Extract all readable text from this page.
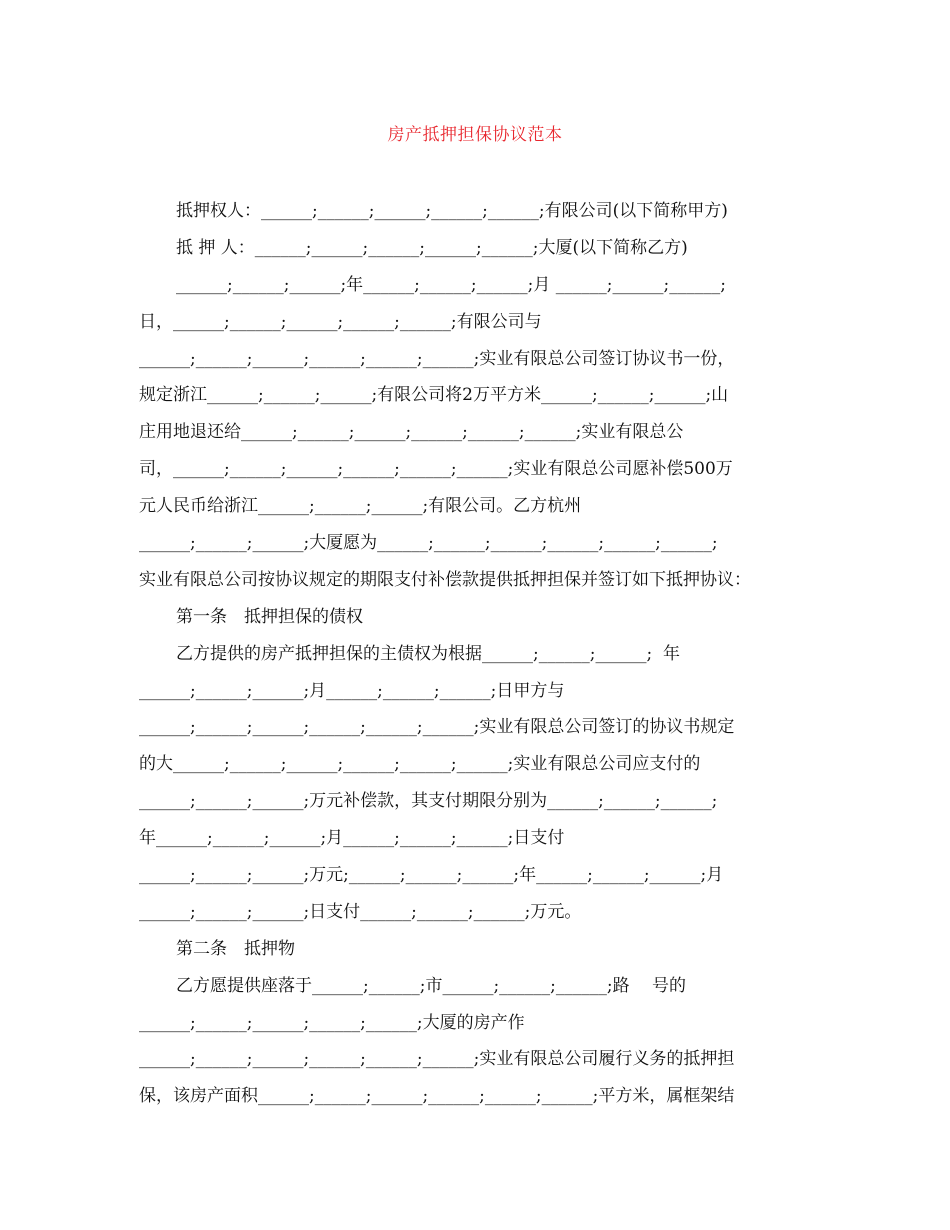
房产抵押担保协议范本
抵押权人：______;______;______;______;______;有限公司(以下简称甲方)
抵 押 人：______;______;______;______;______;大厦(以下简称乙方)
______;______;______;年______;______;______;月 ______;______;______;
日，______;______;______;______;______;有限公司与
______;______;______;______;______;______;实业有限总公司签订协议书一份，
规定浙江______;______;______;有限公司将2万平方米______;______;______;山
庄用地退还给______;______;______;______;______;______;实业有限总公
司，______;______;______;______;______;______;实业有限总公司愿补偿500万
元人民币给浙江______;______;______;有限公司。乙方杭州
______;______;______;大厦愿为______;______;______;______;______;______;
实业有限总公司按协议规定的期限支付补偿款提供抵押担保并签订如下抵押协议：
第一条　抵押担保的债权
乙方提供的房产抵押担保的主债权为根据______;______;______;  年
______;______;______;月______;______;______;日甲方与
______;______;______;______;______;______;实业有限总公司签订的协议书规定
的大______;______;______;______;______;______;实业有限总公司应支付的
______;______;______;万元补偿款，其支付期限分别为______;______;______;
年______;______;______;月______;______;______;日支付
______;______;______;万元;______;______;______;年______;______;______;月
______;______;______;日支付______;______;______;万元。
第二条　抵押物
乙方愿提供座落于______;______;市______;______;______;路　 号的
______;______;______;______;______;大厦的房产作
______;______;______;______;______;______;实业有限总公司履行义务的抵押担
保，该房产面积______;______;______;______;______;______;平方米，属框架结
